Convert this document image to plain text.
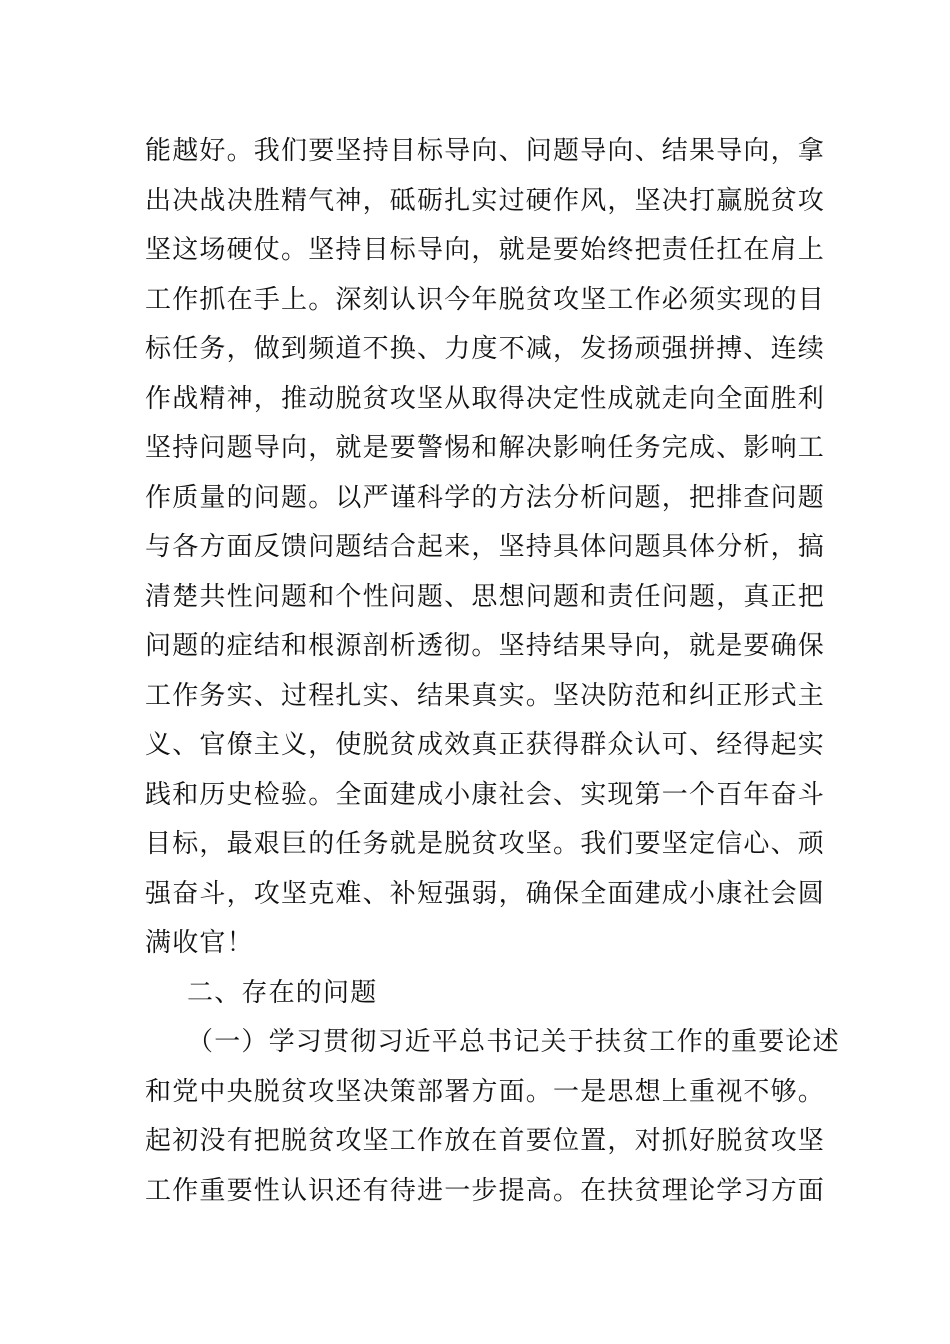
能越好。我们要坚持目标导向、问题导向、结果导向，拿
出决战决胜精气神，砥砺扎实过硬作风，坚决打赢脱贫攻
坚这场硬仗。坚持目标导向，就是要始终把责任扛在肩上
工作抓在手上。深刻认识今年脱贫攻坚工作必须实现的目
标任务，做到频道不换、力度不减，发扬顽强拼搏、连续
作战精神，推动脱贫攻坚从取得决定性成就走向全面胜利
坚持问题导向，就是要警惕和解决影响任务完成、影响工
作质量的问题。以严谨科学的方法分析问题，把排查问题
与各方面反馈问题结合起来，坚持具体问题具体分析，搞
清楚共性问题和个性问题、思想问题和责任问题，真正把
问题的症结和根源剖析透彻。坚持结果导向，就是要确保
工作务实、过程扎实、结果真实。坚决防范和纠正形式主
义、官僚主义，使脱贫成效真正获得群众认可、经得起实
践和历史检验。全面建成小康社会、实现第一个百年奋斗
目标，最艰巨的任务就是脱贫攻坚。我们要坚定信心、顽
强奋斗，攻坚克难、补短强弱，确保全面建成小康社会圆
满收官！
二、存在的问题
（一）学习贯彻习近平总书记关于扶贫工作的重要论述
和党中央脱贫攻坚决策部署方面。一是思想上重视不够。
起初没有把脱贫攻坚工作放在首要位置，对抓好脱贫攻坚
工作重要性认识还有待进一步提高。在扶贫理论学习方面
